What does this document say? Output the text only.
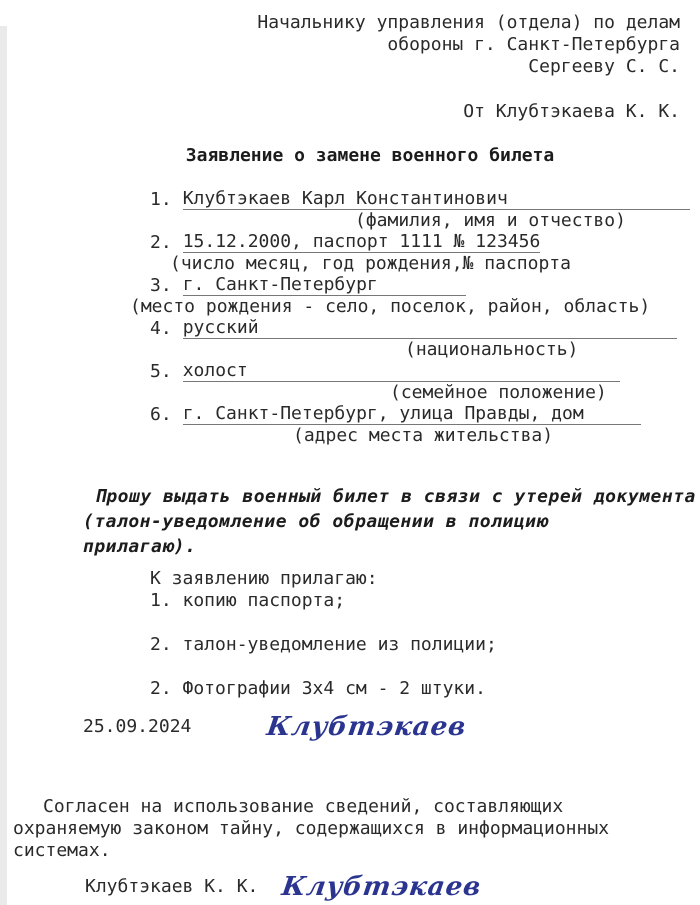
Начальнику управления (отдела) по делам
обороны г. Санкт-Петербурга
Сергееву С. С.
От Клубтэкаева К. К.
Заявление о замене военного билета
1. Клубтэкаев Карл Константинович
(фамилия, имя и отчество)
2. 15.12.2000, паспорт 1111 № 123456
(число месяц, год рождения,№ паспорта
3. г. Санкт-Петербург
(место рождения - село, поселок, район, область)
4. русский
(национальность)
5. холост
(семейное положение)
6. г. Санкт-Петербург, улица Правды, дом
(адрес места жительства)
Прошу выдать военный билет в связи с утерей документа
(талон-уведомление об обращении в полицию
прилагаю).
К заявлению прилагаю:
1. копию паспорта;
2. талон-уведомление из полиции;
2. Фотографии 3x4 см - 2 штуки.
25.09.2024	Клубтэкаев
Согласен на использование сведений, составляющих охраняемую законом тайну, содержащихся в информационных системах.
Клубтэкаев К. К. Клубтэкаев
